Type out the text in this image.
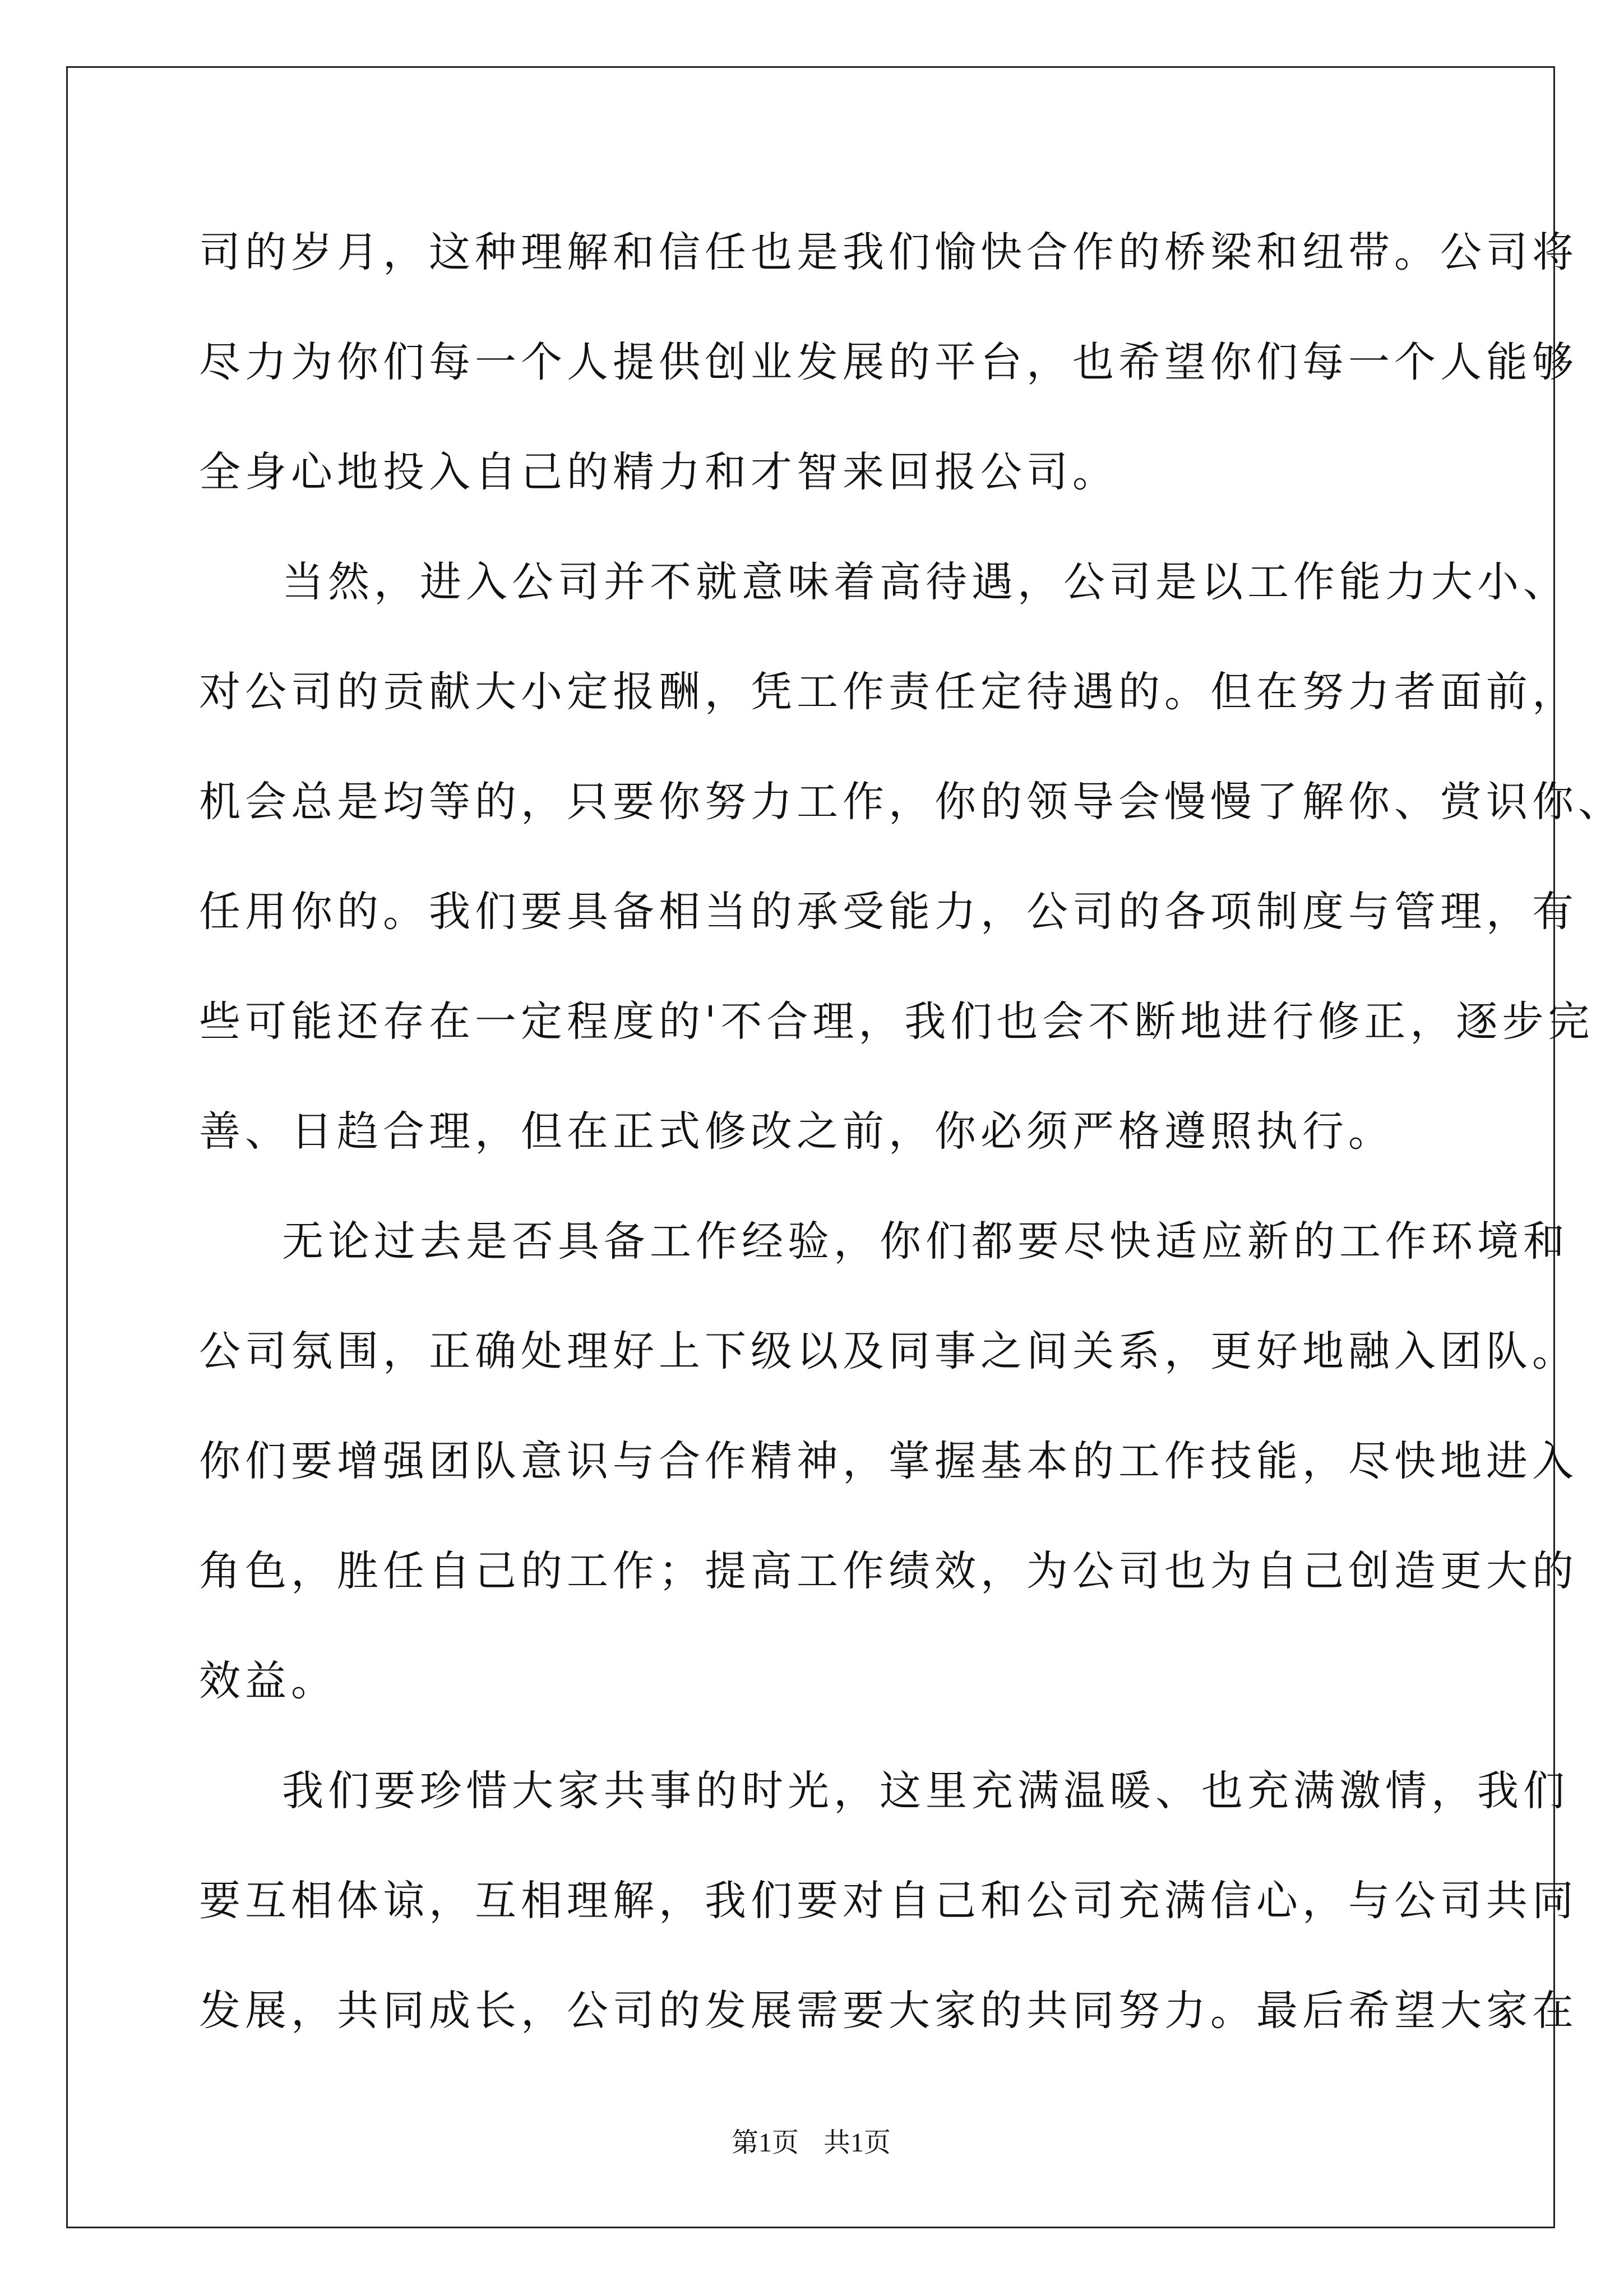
司的岁月，这种理解和信任也是我们愉快合作的桥梁和纽带。公司将
尽力为你们每一个人提供创业发展的平台，也希望你们每一个人能够
全身心地投入自己的精力和才智来回报公司。
当然，进入公司并不就意味着高待遇，公司是以工作能力大小、
对公司的贡献大小定报酬，凭工作责任定待遇的。但在努力者面前，
机会总是均等的，只要你努力工作，你的领导会慢慢了解你、赏识你、
任用你的。我们要具备相当的承受能力，公司的各项制度与管理，有
些可能还存在一定程度的'不合理，我们也会不断地进行修正，逐步完
善、日趋合理，但在正式修改之前，你必须严格遵照执行。
无论过去是否具备工作经验，你们都要尽快适应新的工作环境和
公司氛围，正确处理好上下级以及同事之间关系，更好地融入团队。
你们要增强团队意识与合作精神，掌握基本的工作技能，尽快地进入
角色，胜任自己的工作；提高工作绩效，为公司也为自己创造更大的
效益。
我们要珍惜大家共事的时光，这里充满温暖、也充满激情，我们
要互相体谅，互相理解，我们要对自己和公司充满信心，与公司共同
发展，共同成长，公司的发展需要大家的共同努力。最后希望大家在
第1页 共1页
